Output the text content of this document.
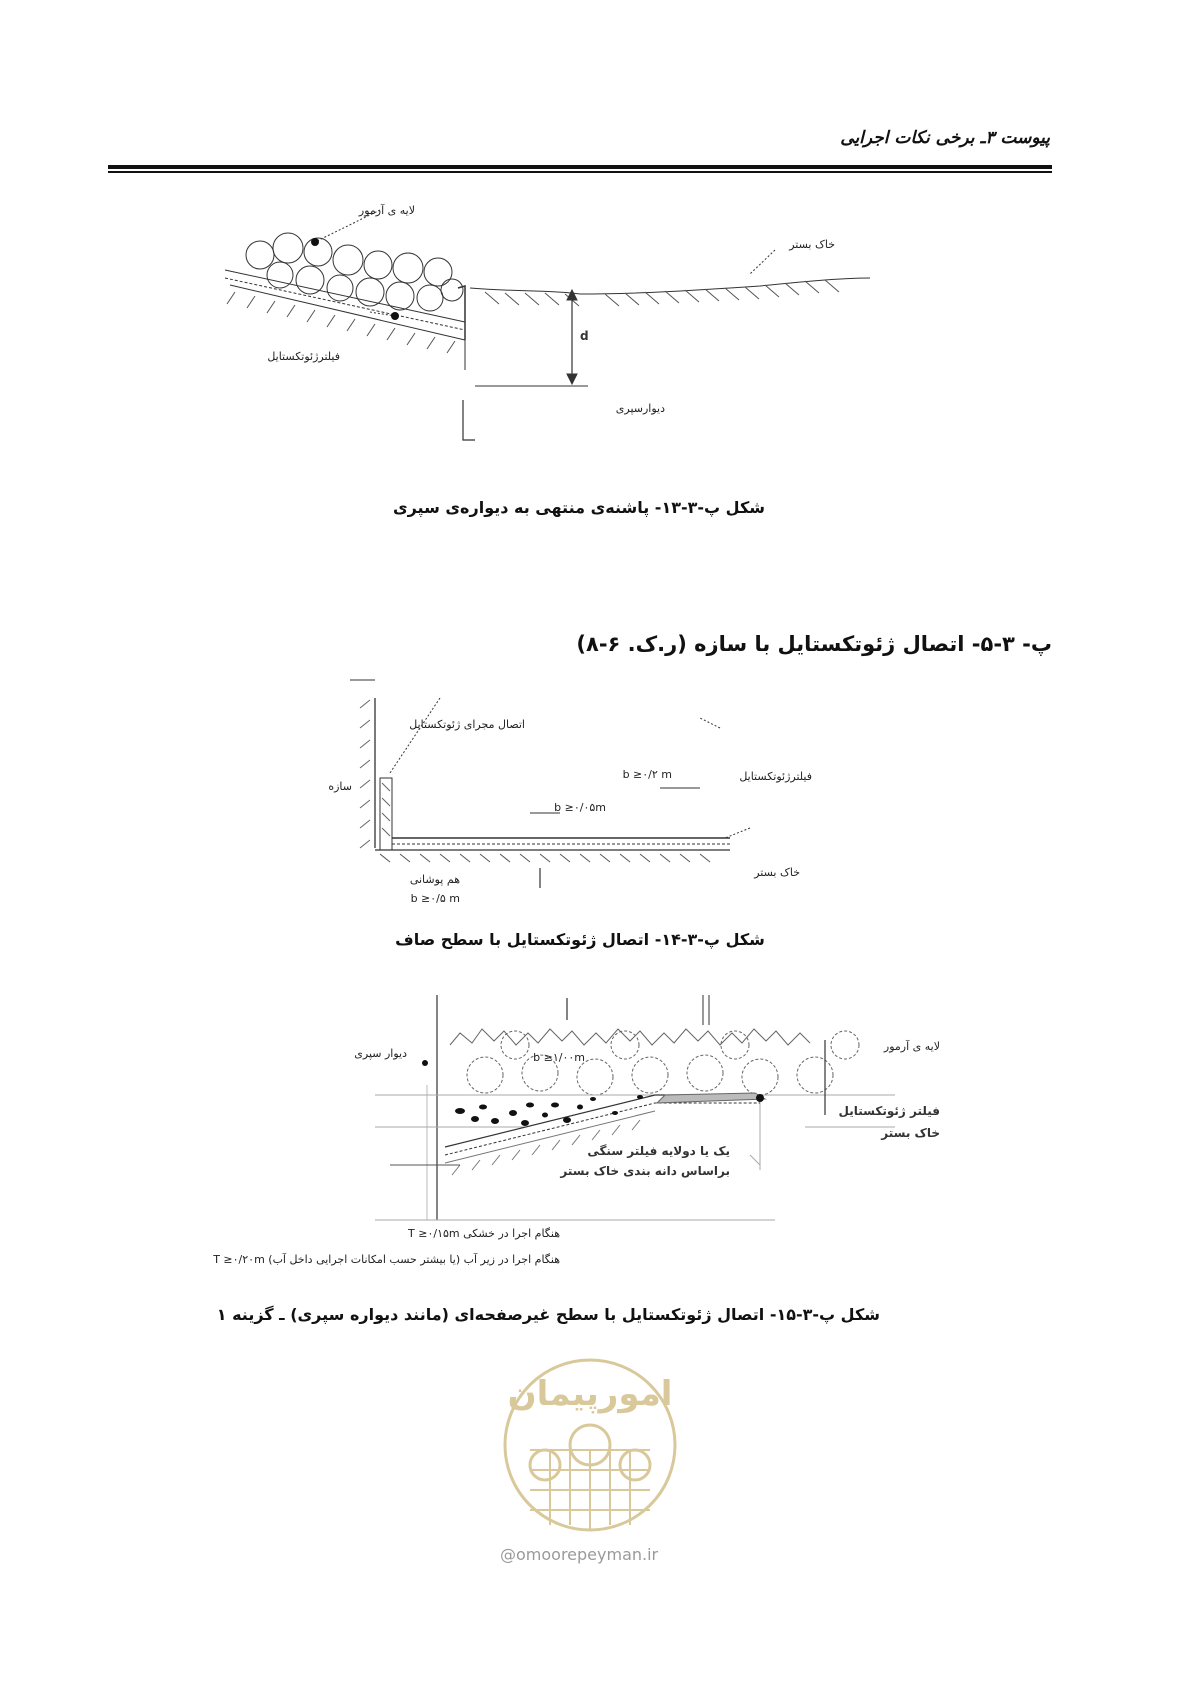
پیوست ۳ـ برخی نکات اجرایی
لایه ی آرمور
خاک بستر
d
فیلترژئوتکستایل
دیوارسپری
شکل پ-۳-۱۳- پاشنه‌ی منتهی به دیواره‌ی سپری
پ- ۳-۵- اتصال ژئوتکستایل با سازه (ر.ک. ۶-۸)
اتصال مجرای ژئوتکستایل
سازه
b ≥۰/۲ m	فیلترژئوتکستایل
b ≥۰/۰۵m
خاک بستر
هم پوشانی
b ≥۰/۵ m
شکل پ-۳-۱۴- اتصال ژئوتکستایل با سطح صاف
دیوار سپری
لایه ی آرمور
b ≥۱/۰۰m
فیلتر ژئوتکستایل
خاک بستر
یک یا دولایه فیلتر سنگی
براساس دانه بندی خاک بستر
T ≥۰/۱۵m هنگام اجرا در خشکی
T ≥۰/۲۰m هنگام اجرا در زیر آب (یا بیشتر حسب امکانات اجرایی داخل آب)
شکل پ-۳-۱۵- اتصال ژئوتکستایل با سطح غیرصفحه‌ای (مانند دیواره سپری) ـ گزینه ۱
امورپیمان
@omoorepeyman.ir
